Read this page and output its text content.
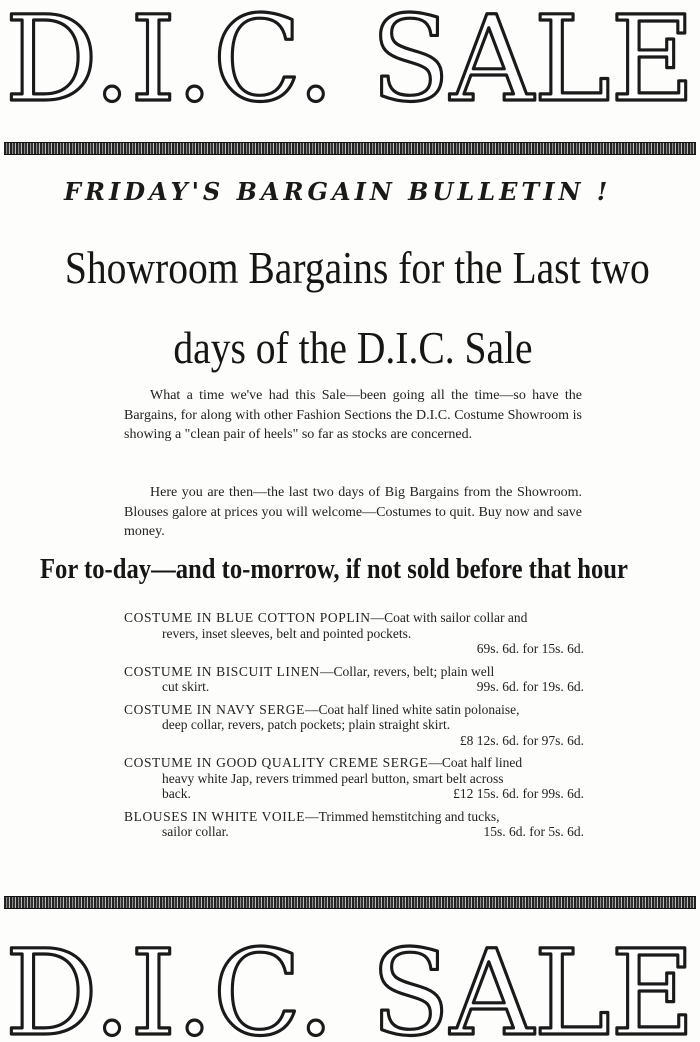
D.I.C. SALE
FRIDAY'S BARGAIN BULLETIN !
Showroom Bargains for the Last two
days of the D.I.C. Sale

What a time we've had this Sale—been going all the time—so have the Bargains, for along with other Fashion Sections the D.I.C. Costume Showroom is showing a "clean pair of heels" so far as stocks are concerned.

Here you are then—the last two days of Big Bargains from the Showroom. Blouses galore at prices you will welcome—Costumes to quit. Buy now and save money.

For to-day—and to-morrow, if not sold before that hour
COSTUME IN BLUE COTTON POPLIN—Coat with sailor collar and
revers, inset sleeves, belt and pointed pockets.
69s. 6d. for 15s. 6d.
COSTUME IN BISCUIT LINEN—Collar, revers, belt; plain well
cut skirt.	99s. 6d. for 19s. 6d.
COSTUME IN NAVY SERGE—Coat half lined white satin polonaise,
deep collar, revers, patch pockets; plain straight skirt.
£8 12s. 6d. for 97s. 6d.
COSTUME IN GOOD QUALITY CREME SERGE—Coat half lined
heavy white Jap, revers trimmed pearl button, smart belt across
back.	£12 15s. 6d. for 99s. 6d.
BLOUSES IN WHITE VOILE—Trimmed hemstitching and tucks,
sailor collar.	15s. 6d. for 5s. 6d.
D.I.C. SALE
